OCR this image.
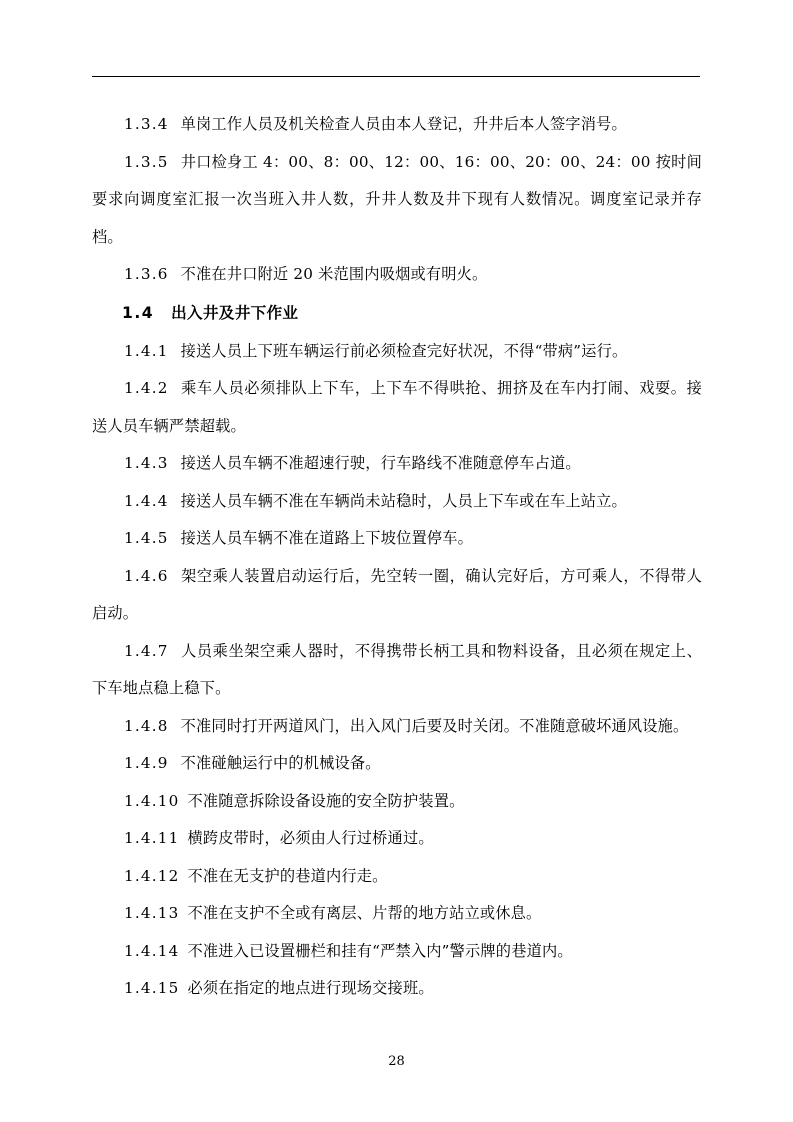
1.3.4 单岗工作人员及机关检查人员由本人登记，升井后本人签字消号。

1.3.5 井口检身工 4：00、8：00、12：00、16：00、20：00、24：00 按时间要求向调度室汇报一次当班入井人数，升井人数及井下现有人数情况。调度室记录并存档。

1.3.6 不准在井口附近 20 米范围内吸烟或有明火。

1.4 出入井及井下作业

1.4.1 接送人员上下班车辆运行前必须检查完好状况，不得“带病”运行。

1.4.2 乘车人员必须排队上下车，上下车不得哄抢、拥挤及在车内打闹、戏耍。接送人员车辆严禁超载。

1.4.3 接送人员车辆不准超速行驶，行车路线不准随意停车占道。

1.4.4 接送人员车辆不准在车辆尚未站稳时，人员上下车或在车上站立。

1.4.5 接送人员车辆不准在道路上下坡位置停车。

1.4.6 架空乘人装置启动运行后，先空转一圈，确认完好后，方可乘人，不得带人启动。

1.4.7 人员乘坐架空乘人器时，不得携带长柄工具和物料设备，且必须在规定上、下车地点稳上稳下。

1.4.8 不准同时打开两道风门，出入风门后要及时关闭。不准随意破坏通风设施。

1.4.9 不准碰触运行中的机械设备。

1.4.10 不准随意拆除设备设施的安全防护装置。

1.4.11 横跨皮带时，必须由人行过桥通过。

1.4.12 不准在无支护的巷道内行走。

1.4.13 不准在支护不全或有离层、片帮的地方站立或休息。

1.4.14 不准进入已设置栅栏和挂有“严禁入内”警示牌的巷道内。

1.4.15 必须在指定的地点进行现场交接班。

28
